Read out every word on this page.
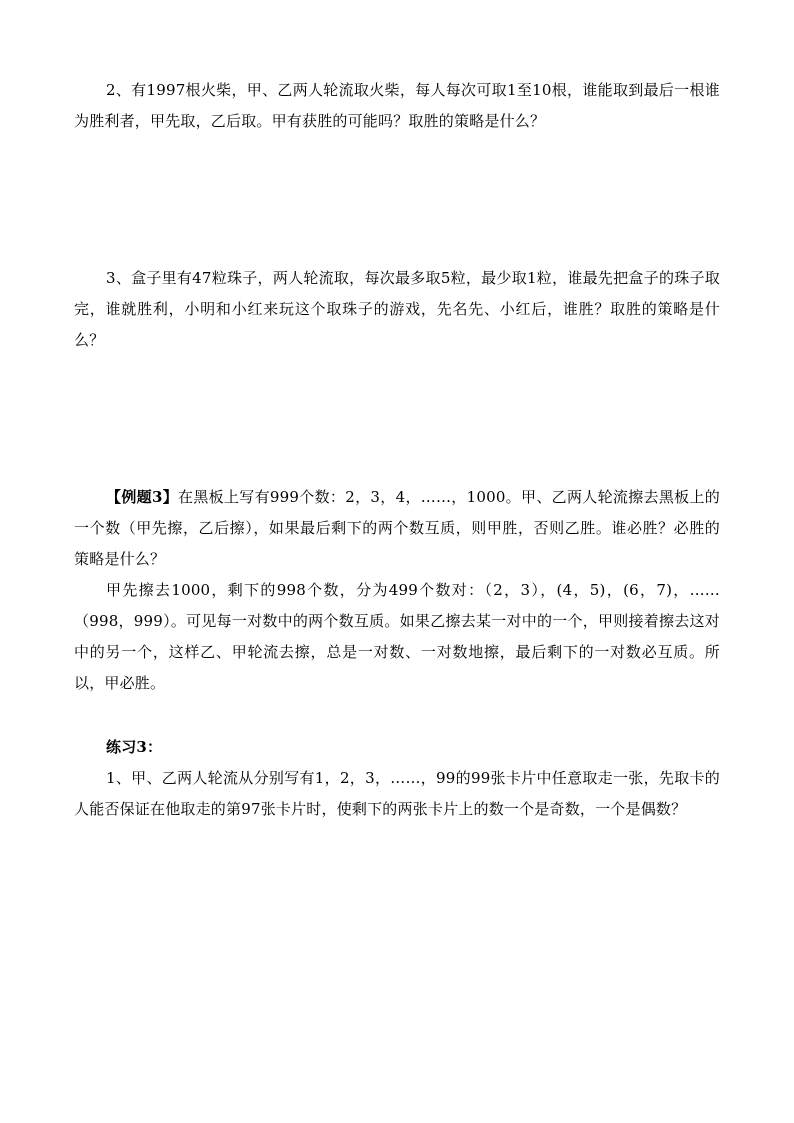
2、有1997根火柴，甲、乙两人轮流取火柴，每人每次可取1至10根，谁能取到最后一根谁为胜利者，甲先取，乙后取。甲有获胜的可能吗？取胜的策略是什么？

3、盒子里有47粒珠子，两人轮流取，每次最多取5粒，最少取1粒，谁最先把盒子的珠子取完，谁就胜利，小明和小红来玩这个取珠子的游戏，先名先、小红后，谁胜？取胜的策略是什么？

【例题3】在黑板上写有999个数：2，3，4，……，1000。甲、乙两人轮流擦去黑板上的一个数（甲先擦，乙后擦），如果最后剩下的两个数互质，则甲胜，否则乙胜。谁必胜？必胜的策略是什么？

甲先擦去1000，剩下的998个数，分为499个数对：（2，3），(4，5)，(6，7)，……（998，999）。可见每一对数中的两个数互质。如果乙擦去某一对中的一个，甲则接着擦去这对中的另一个，这样乙、甲轮流去擦，总是一对数、一对数地擦，最后剩下的一对数必互质。所以，甲必胜。

练习3：

1、甲、乙两人轮流从分别写有1，2，3，……，99的99张卡片中任意取走一张，先取卡的人能否保证在他取走的第97张卡片时，使剩下的两张卡片上的数一个是奇数，一个是偶数？
